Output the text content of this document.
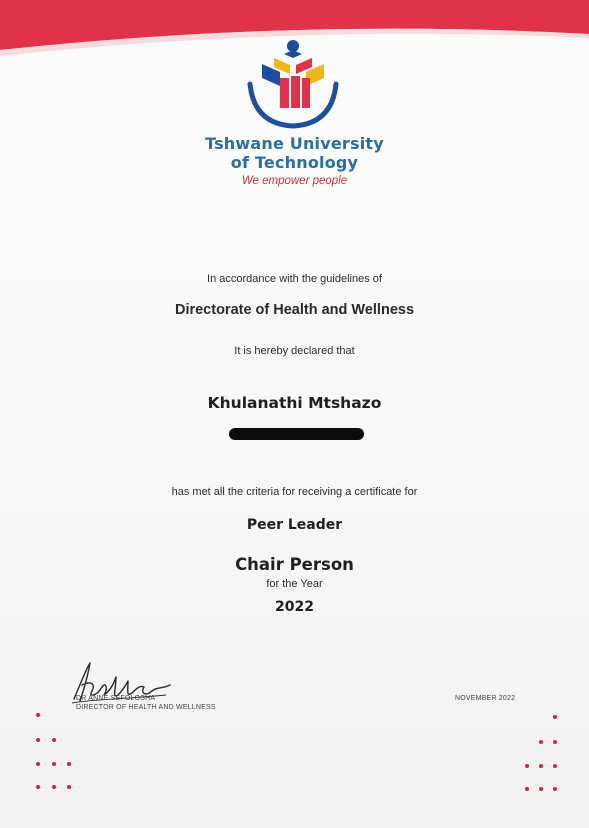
Tshwane University
of Technology
We empower people
In accordance with the guidelines of
Directorate of Health and Wellness
It is hereby declared that
Khulanathi Mtshazo
has met all the criteria for receiving a certificate for
Peer Leader
Chair Person
for the Year
2022
DR ANNE SEFOLOSHA
DIRECTOR OF HEALTH AND WELLNESS
NOVEMBER 2022
